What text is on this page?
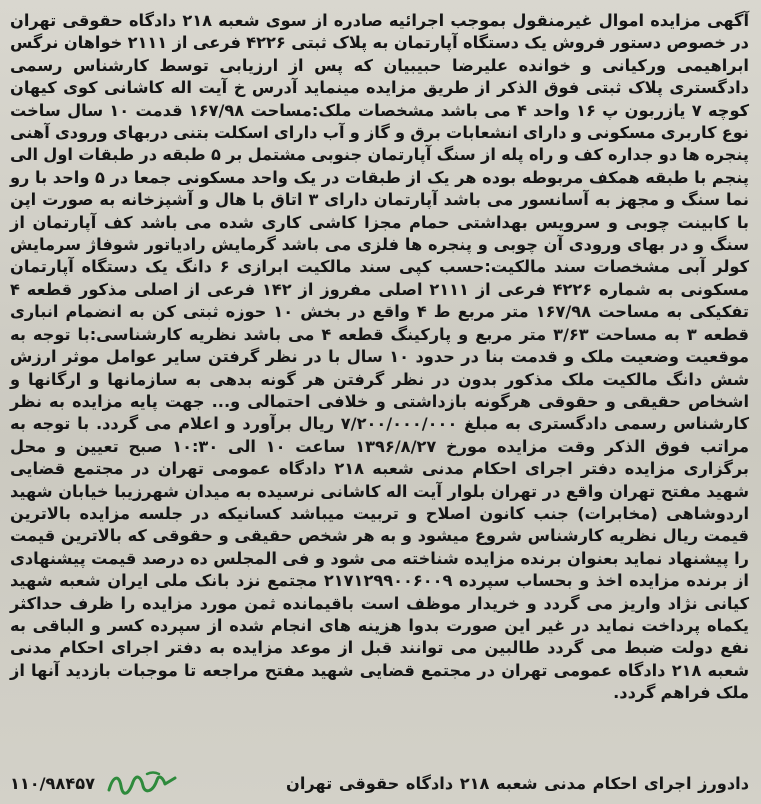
آگهی مزایده اموال غیرمنقول بموجب اجرائیه صادره از سوی شعبه ۲۱۸ دادگاه حقوقی تهران در خصوص دستور فروش یک دستگاه آپارتمان به پلاک ثبتی ۴۲۲۶ فرعی از ۲۱۱۱ خواهان نرگس ابراهیمی ورکیانی و خوانده علیرضا حبیبیان که پس از ارزیابی توسط کارشناس رسمی دادگستری پلاک ثبتی فوق الذکر از طریق مزایده مینماید آدرس خ آیت اله کاشانی کوی کیهان کوچه ۷ یازربون پ ۱۶ واحد ۴ می باشد مشخصات ملک:مساحت ۱۶۷/۹۸ قدمت ۱۰ سال ساخت نوع کاربری مسکونی و دارای انشعابات برق و گاز و آب دارای اسکلت بتنی دربهای ورودی آهنی پنجره ها دو جداره کف و راه پله از سنگ آپارتمان جنوبی مشتمل بر ۵ طبقه در طبقات اول الی پنجم با طبقه همکف مربوطه بوده هر یک از طبقات در یک واحد مسکونی جمعا در ۵ واحد با رو نما سنگ و مجهز به آسانسور می باشد آپارتمان دارای ۳ اتاق با هال و آشپزخانه به صورت اپن با کابینت چوبی و سرویس بهداشتی حمام مجزا کاشی کاری شده می باشد کف آپارتمان از سنگ و در بهای ورودی آن چوبی و پنجره ها فلزی می باشد گرمایش رادیاتور شوفاژ سرمایش کولر آبی مشخصات سند مالکیت:حسب کپی سند مالکیت ابرازی ۶ دانگ یک دستگاه آپارتمان مسکونی به شماره ۴۲۲۶ فرعی از ۲۱۱۱ اصلی مفروز از ۱۴۲ فرعی از اصلی مذکور قطعه ۴ تفکیکی به مساحت ۱۶۷/۹۸ متر مربع ط ۴ واقع در بخش ۱۰ حوزه ثبتی کن به انضمام انباری قطعه ۳ به مساحت ۳/۶۳ متر مربع و پارکینگ قطعه ۴ می باشد نظریه کارشناسی:با توجه به موقعیت وضعیت ملک و قدمت بنا در حدود ۱۰ سال با در نظر گرفتن سایر عوامل موثر ارزش شش دانگ مالکیت ملک مذکور بدون در نظر گرفتن هر گونه بدهی به سازمانها و ارگانها و اشخاص حقیقی و حقوقی هرگونه بازداشتی و خلافی احتمالی و... جهت پایه مزایده به نظر کارشناس رسمی دادگستری به مبلغ ۷/۲۰۰/۰۰۰/۰۰۰ ریال برآورد و اعلام می گردد. با توجه به مراتب فوق الذکر وقت مزایده مورخ ۱۳۹۶/۸/۲۷ ساعت ۱۰ الی ۱۰:۳۰ صبح تعیین و محل برگزاری مزایده دفتر اجرای احکام مدنی شعبه ۲۱۸ دادگاه عمومی تهران در مجتمع قضایی شهید مفتح تهران واقع در تهران بلوار آیت اله کاشانی نرسیده به میدان شهرزیبا خیابان شهید اردوشاهی (مخابرات) جنب کانون اصلاح و تربیت میباشد کسانیکه در جلسه مزایده بالاترین قیمت ریال نظریه کارشناس شروع میشود و به هر شخص حقیقی و حقوقی که بالاترین قیمت را پیشنهاد نماید بعنوان برنده مزایده شناخته می شود و فی المجلس ده درصد قیمت پیشنهادی از برنده مزایده اخذ و بحساب سپرده ۲۱۷۱۲۹۹۰۰۶۰۰۹ مجتمع نزد بانک ملی ایران شعبه شهید کیانی نژاد واریز می گردد و خریدار موظف است باقیمانده ثمن مورد مزایده را ظرف حداکثر یکماه پرداخت نماید در غیر این صورت بدوا هزینه های انجام شده از سپرده کسر و الباقی به نفع دولت ضبط می گردد طالبین می توانند قبل از موعد مزایده به دفتر اجرای احکام مدنی شعبه ۲۱۸ دادگاه عمومی تهران در مجتمع قضایی شهید مفتح مراجعه تا موجبات بازدید آنها از ملک فراهم گردد.

۱۱۰/۹۸۴۵۷	دادورز اجرای احکام مدنی شعبه ۲۱۸ دادگاه حقوقی تهران
